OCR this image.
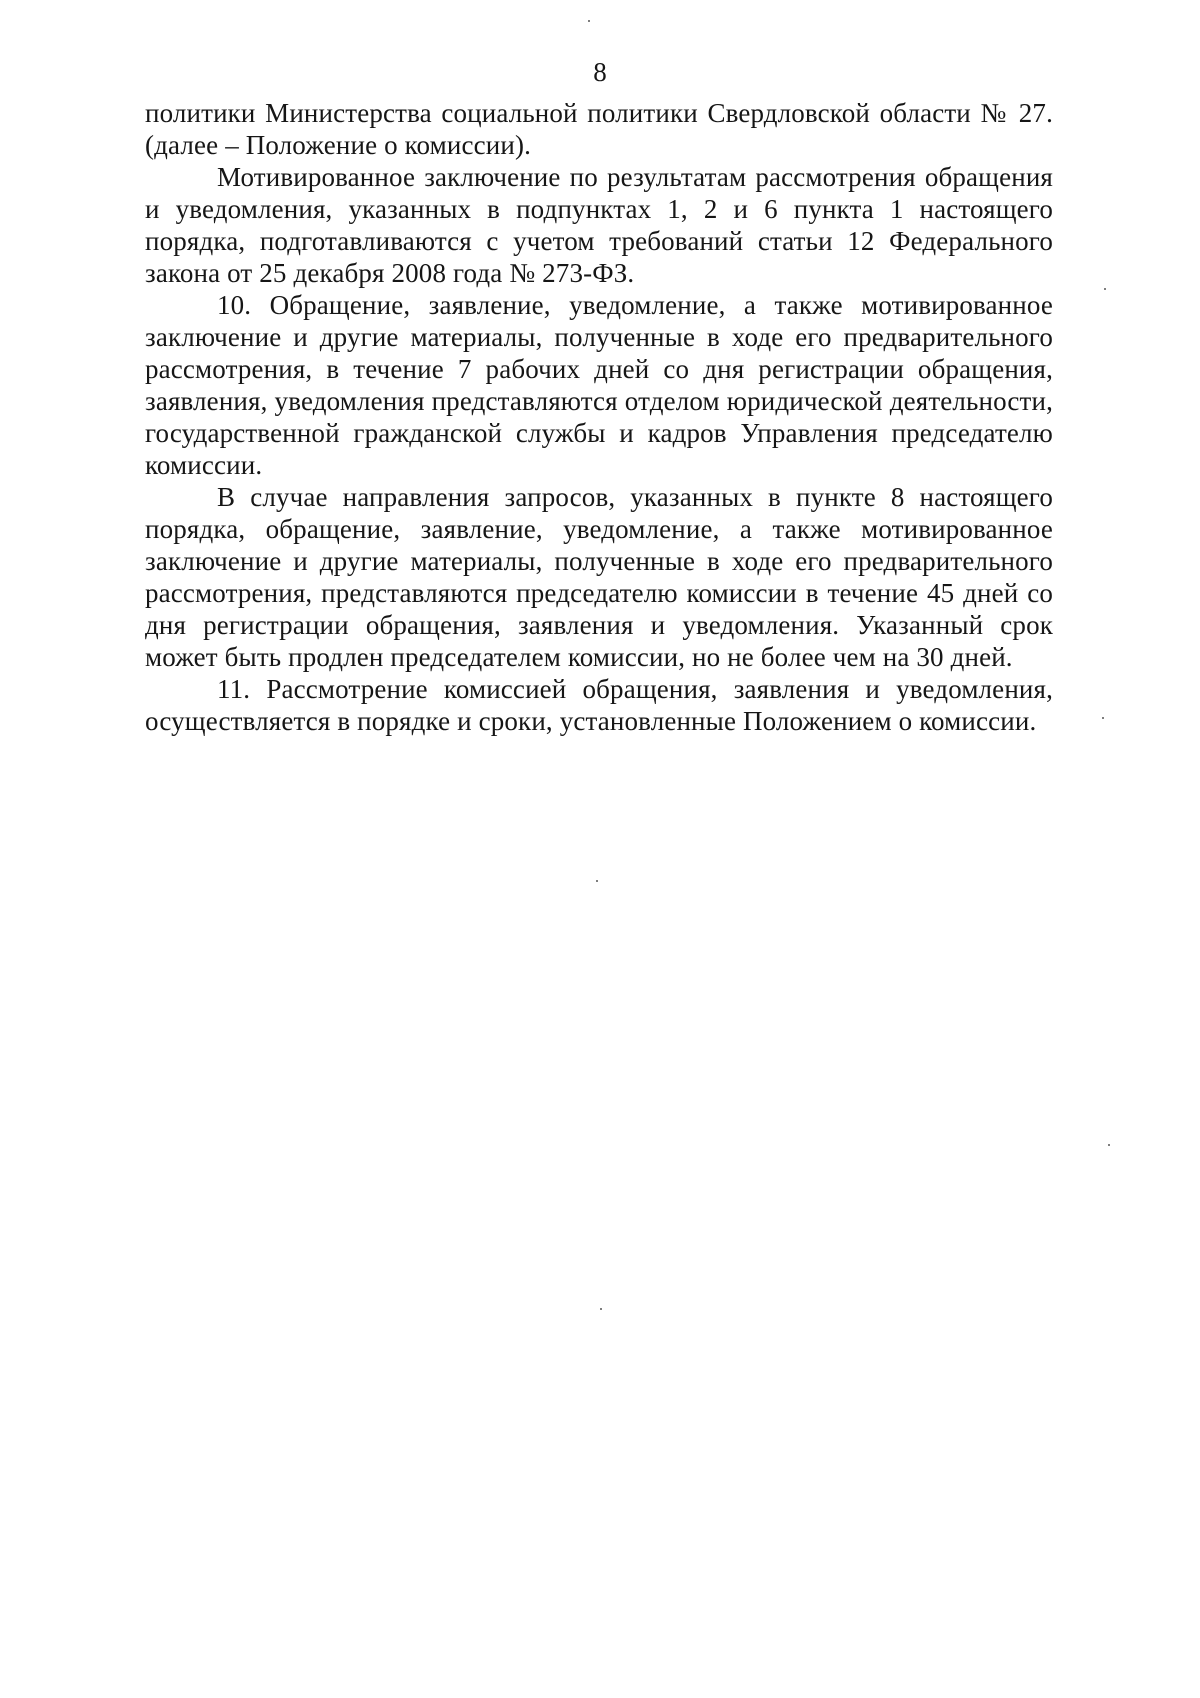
8

политики Министерства социальной политики Свердловской области № 27. (далее – Положение о комиссии).

Мотивированное заключение по результатам рассмотрения обращения и уведомления, указанных в подпунктах 1, 2 и 6 пункта 1 настоящего порядка, подготавливаются с учетом требований статьи 12 Федерального закона от 25 декабря 2008 года № 273-ФЗ.

10. Обращение, заявление, уведомление, а также мотивированное заключение и другие материалы, полученные в ходе его предварительного рассмотрения, в течение 7 рабочих дней со дня регистрации обращения, заявления, уведомления представляются отделом юридической деятельности, государственной гражданской службы и кадров Управления председателю комиссии.

В случае направления запросов, указанных в пункте 8 настоящего порядка, обращение, заявление, уведомление, а также мотивированное заключение и другие материалы, полученные в ходе его предварительного рассмотрения, представляются председателю комиссии в течение 45 дней со дня регистрации обращения, заявления и уведомления. Указанный срок может быть продлен председателем комиссии, но не более чем на 30 дней.

11. Рассмотрение комиссией обращения, заявления и уведомления, осуществляется в порядке и сроки, установленные Положением о комиссии.
